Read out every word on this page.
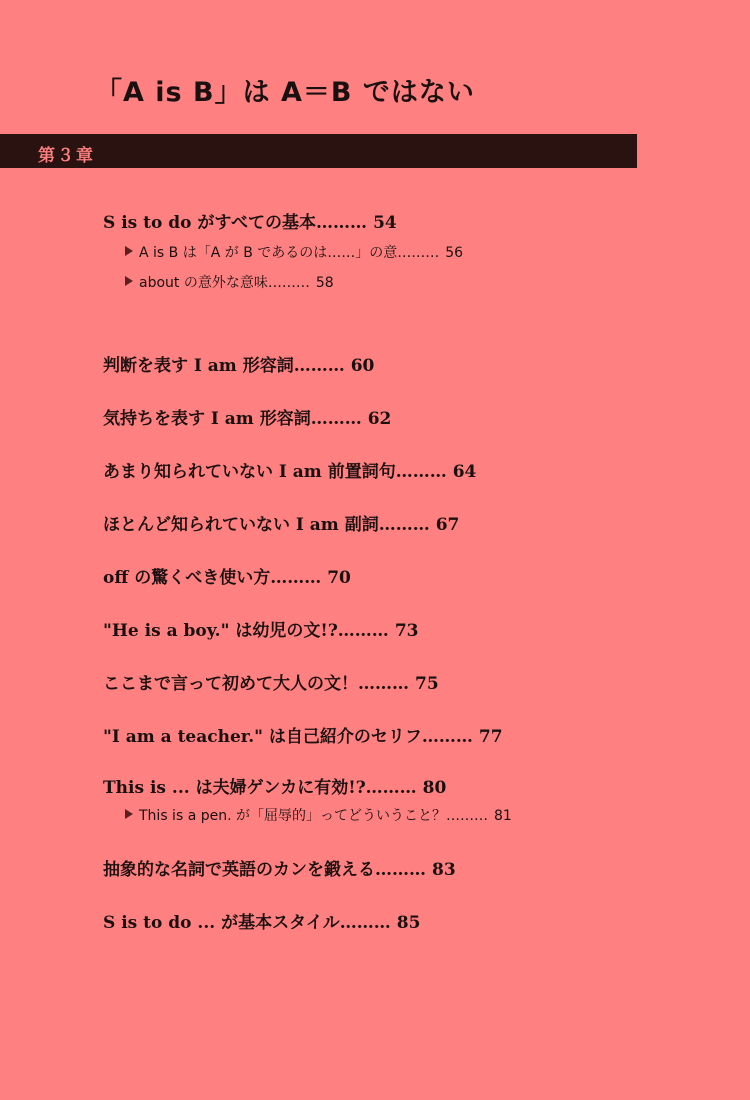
「A is B」は A＝B ではない
第３章
S is to do がすべての基本……… 54
A is B は「A が B であるのは……」の意……… 56
about の意外な意味……… 58
判断を表す I am 形容詞……… 60
気持ちを表す I am 形容詞……… 62
あまり知られていない I am 前置詞句……… 64
ほとんど知られていない I am 副詞……… 67
off の驚くべき使い方……… 70
"He is a boy." は幼児の文!?……… 73
ここまで言って初めて大人の文！……… 75
"I am a teacher." は自己紹介のセリフ……… 77
This is ... は夫婦ゲンカに有効!?……… 80
This is a pen. が「屈辱的」ってどういうこと？……… 81
抽象的な名詞で英語のカンを鍛える……… 83
S is to do ... が基本スタイル……… 85
